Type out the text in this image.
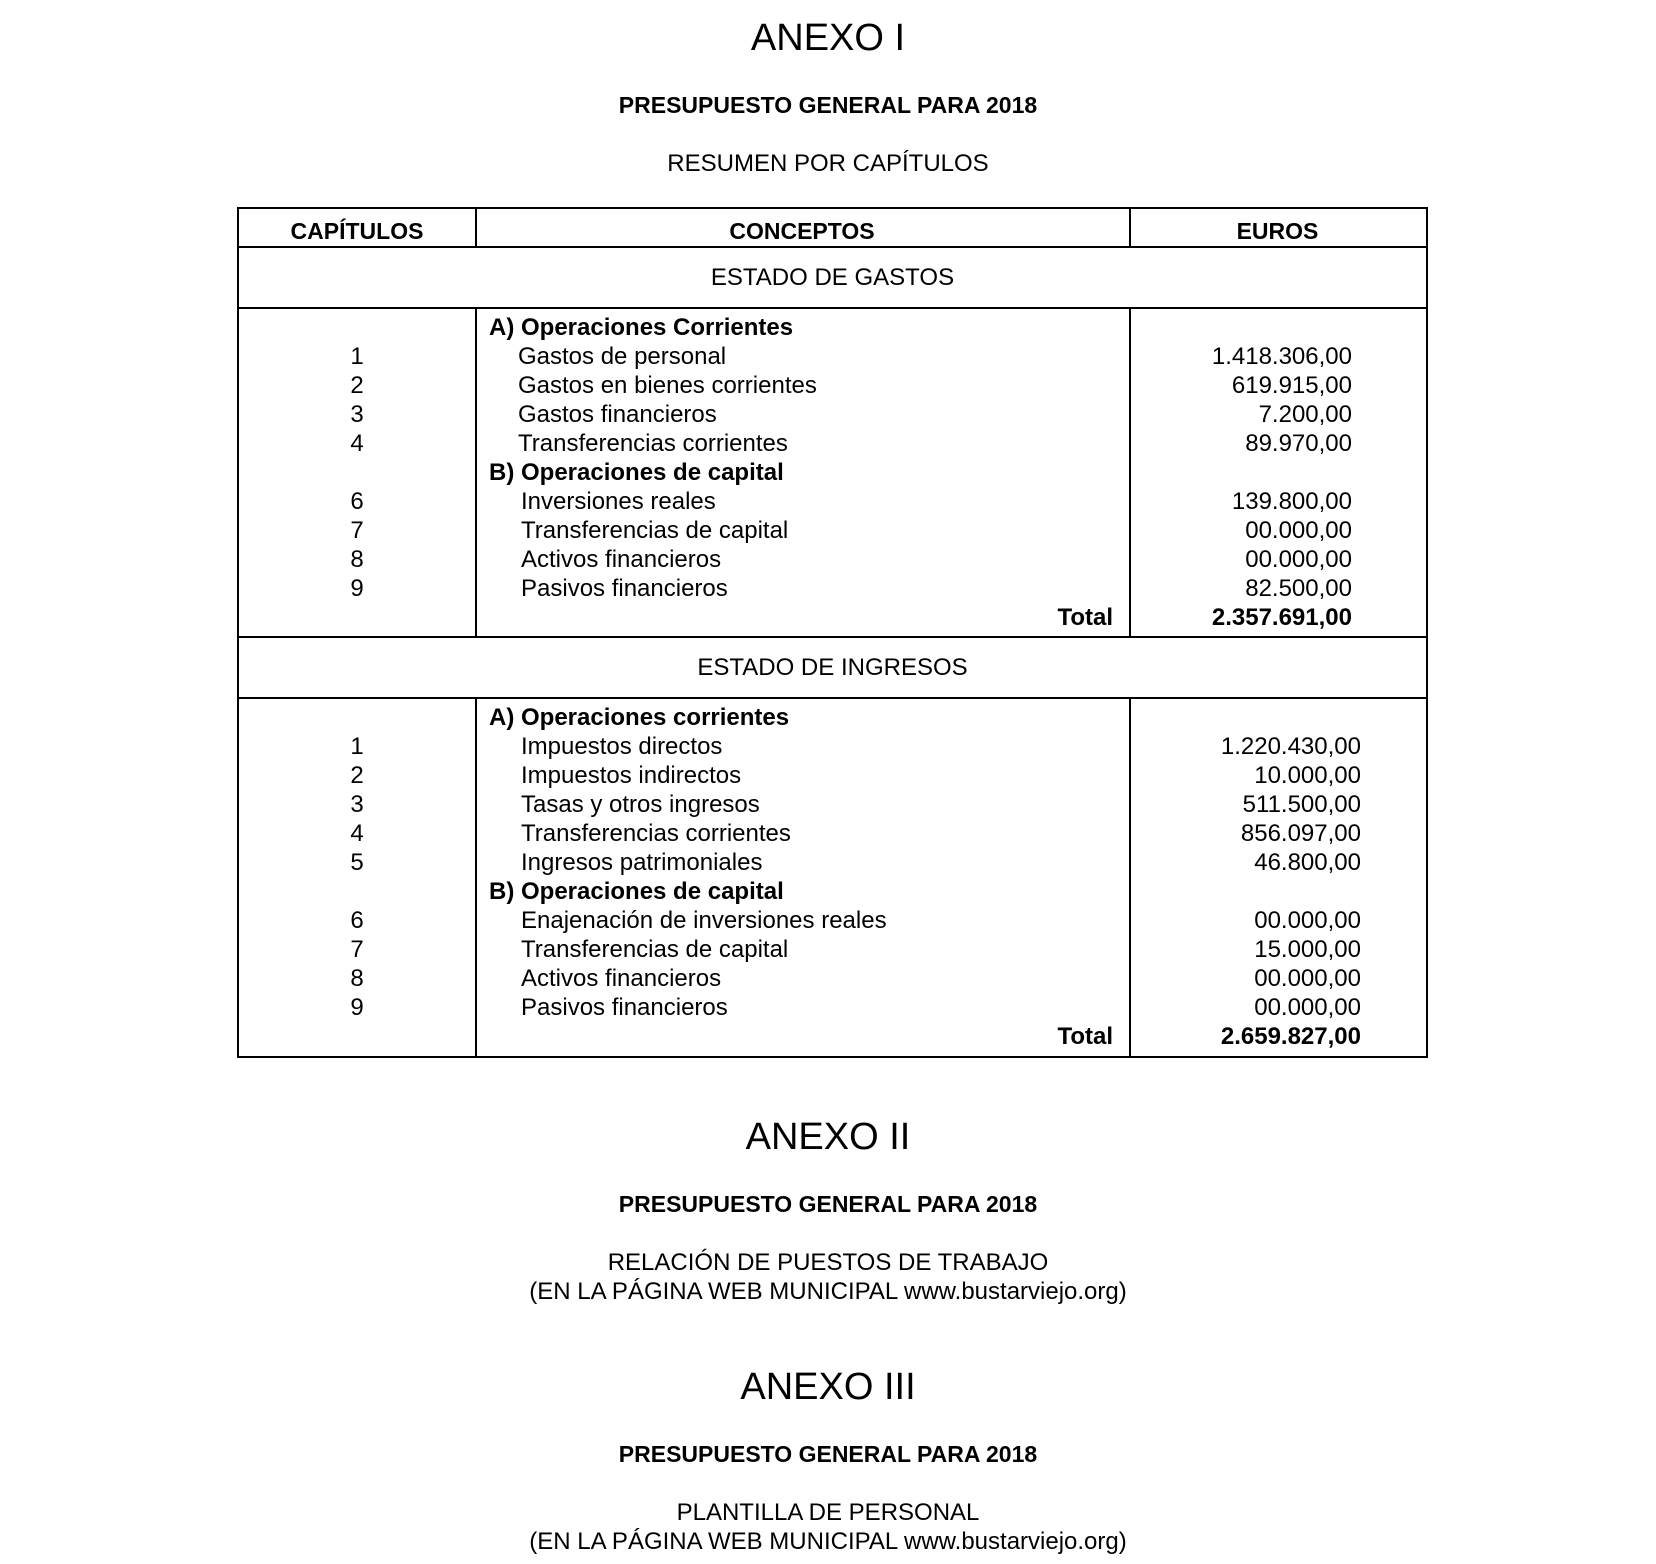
ANEXO I
PRESUPUESTO GENERAL PARA 2018
RESUMEN POR CAPÍTULOS
CAPÍTULOS	CONCEPTOS	EUROS
ESTADO DE GASTOS
A) Operaciones Corrientes
1	Gastos de personal	1.418.306,00
2	Gastos en bienes corrientes	619.915,00
3	Gastos financieros	7.200,00
4	Transferencias corrientes	89.970,00
B) Operaciones de capital
6	Inversiones reales	139.800,00
7	Transferencias de capital	00.000,00
8	Activos financieros	00.000,00
9	Pasivos financieros	82.500,00
Total	2.357.691,00
ESTADO DE INGRESOS
A) Operaciones corrientes
1	Impuestos directos	1.220.430,00
2	Impuestos indirectos	10.000,00
3	Tasas y otros ingresos	511.500,00
4	Transferencias corrientes	856.097,00
5	Ingresos patrimoniales	46.800,00
B) Operaciones de capital
6	Enajenación de inversiones reales	00.000,00
7	Transferencias de capital	15.000,00
8	Activos financieros	00.000,00
9	Pasivos financieros	00.000,00
Total	2.659.827,00
ANEXO II
PRESUPUESTO GENERAL PARA 2018
RELACIÓN DE PUESTOS DE TRABAJO
(EN LA PÁGINA WEB MUNICIPAL www.bustarviejo.org)
ANEXO III
PRESUPUESTO GENERAL PARA 2018
PLANTILLA DE PERSONAL
(EN LA PÁGINA WEB MUNICIPAL www.bustarviejo.org)
